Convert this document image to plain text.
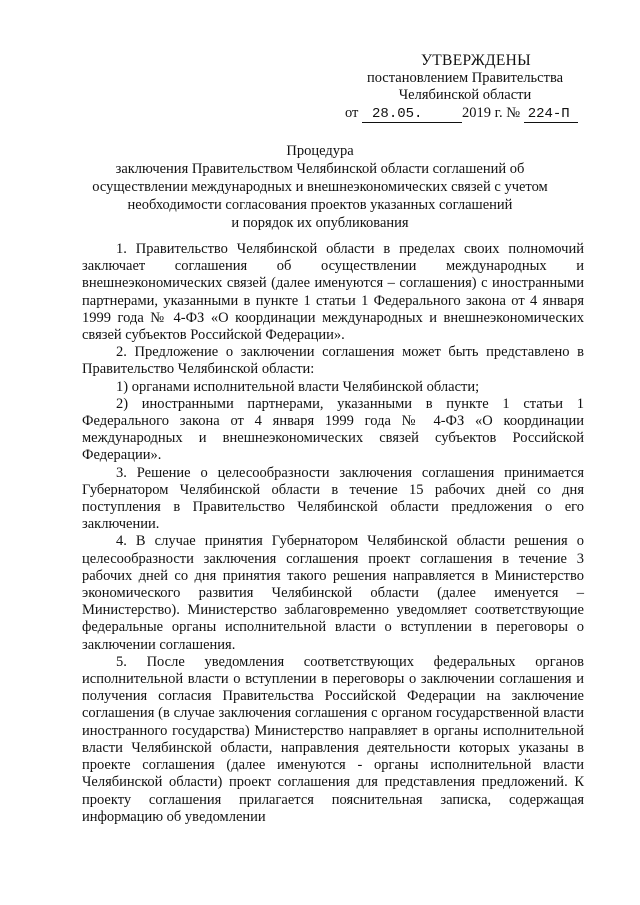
УТВЕРЖДЕНЫ
постановлением Правительства
Челябинской области
от 28.05.	2019 г. № 224-П
Процедура
заключения Правительством Челябинской области соглашений об
осуществлении международных и внешнеэкономических связей с учетом
необходимости согласования проектов указанных соглашений
и порядок их опубликования

1. Правительство Челябинской области в пределах своих полномочий заключает соглашения об осуществлении международных и внешнеэкономических связей (далее именуются – соглашения) с иностранными партнерами, указанными в пункте 1 статьи 1 Федерального закона от 4 января 1999 года № 4-ФЗ «О координации международных и внешнеэкономических связей субъектов Российской Федерации».

2. Предложение о заключении соглашения может быть представлено в Правительство Челябинской области:

1) органами исполнительной власти Челябинской области;

2) иностранными партнерами, указанными в пункте 1 статьи 1 Федерального закона от 4 января 1999 года № 4-ФЗ «О координации международных и внешнеэкономических связей субъектов Российской Федерации».

3. Решение о целесообразности заключения соглашения принимается Губернатором Челябинской области в течение 15 рабочих дней со дня поступления в Правительство Челябинской области предложения о его заключении.

4. В случае принятия Губернатором Челябинской области решения о целесообразности заключения соглашения проект соглашения в течение 3 рабочих дней со дня принятия такого решения направляется в Министерство экономического развития Челябинской области (далее именуется – Министерство). Министерство заблаговременно уведомляет соответствующие федеральные органы исполнительной власти о вступлении в переговоры о заключении соглашения.

5. После уведомления соответствующих федеральных органов исполнительной власти о вступлении в переговоры о заключении соглашения и получения согласия Правительства Российской Федерации на заключение соглашения (в случае заключения соглашения с органом государственной власти иностранного государства) Министерство направляет в органы исполнительной власти Челябинской области, направления деятельности которых указаны в проекте соглашения (далее именуются - органы исполнительной власти Челябинской области) проект соглашения для представления предложений. К проекту соглашения прилагается пояснительная записка, содержащая информацию об уведомлении
